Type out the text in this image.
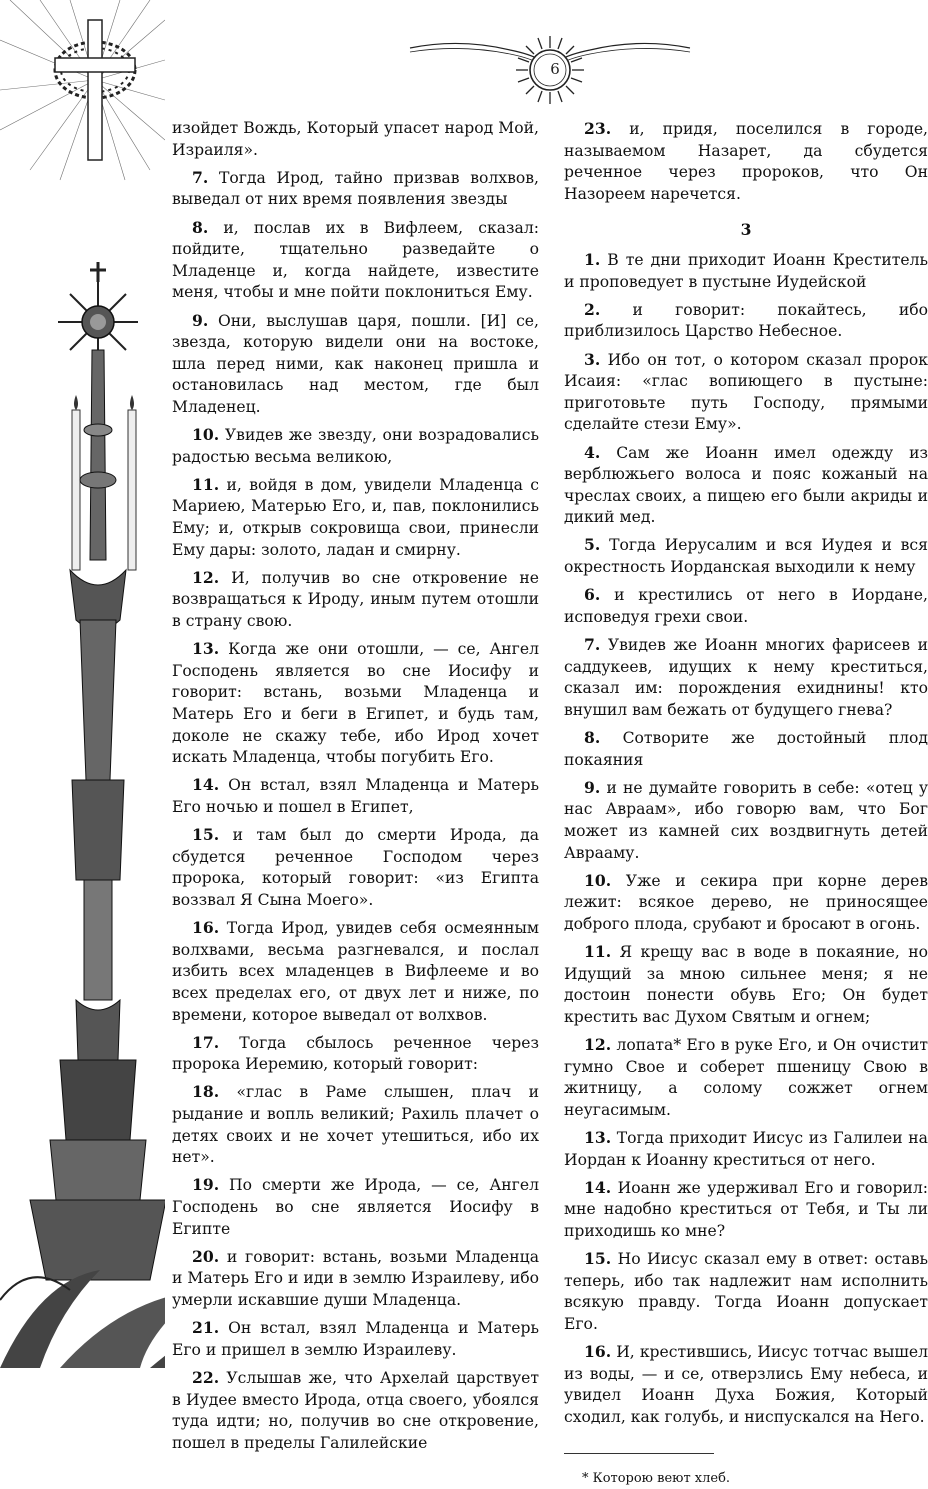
6

изойдет Вождь, Который упасет народ Мой, Израиля».

7. Тогда Ирод, тайно призвав волхвов, выведал от них время появления звезды

8. и, послав их в Вифлеем, сказал: пойдите, тщательно разведайте о Младенце и, когда найдете, известите меня, чтобы и мне пойти поклониться Ему.

9. Они, выслушав царя, пошли. [И] се, звезда, которую видели они на востоке, шла перед ними, как наконец пришла и остановилась над местом, где был Младенец.

10. Увидев же звезду, они возрадовались радостью весьма великою,

11. и, войдя в дом, увидели Младенца с Мариею, Матерью Его, и, пав, поклонились Ему; и, открыв сокровища свои, принесли Ему дары: золото, ладан и смирну.

12. И, получив во сне откровение не возвращаться к Ироду, иным путем отошли в страну свою.

13. Когда же они отошли, — се, Ангел Господень является во сне Иосифу и говорит: встань, возьми Младенца и Матерь Его и беги в Египет, и будь там, доколе не скажу тебе, ибо Ирод хочет искать Младенца, чтобы погубить Его.

14. Он встал, взял Младенца и Матерь Его ночью и пошел в Египет,

15. и там был до смерти Ирода, да сбудется реченное Господом через пророка, который говорит: «из Египта воззвал Я Сына Моего».

16. Тогда Ирод, увидев себя осмеянным волхвами, весьма разгневался, и послал избить всех младенцев в Вифлееме и во всех пределах его, от двух лет и ниже, по времени, которое выведал от волхвов.

17. Тогда сбылось реченное через пророка Иеремию, который говорит:

18. «глас в Раме слышен, плач и рыдание и вопль великий; Рахиль плачет о детях своих и не хочет утешиться, ибо их нет».

19. По смерти же Ирода, — се, Ангел Господень во сне является Иосифу в Египте

20. и говорит: встань, возьми Младенца и Матерь Его и иди в землю Израилеву, ибо умерли искавшие души Младенца.

21. Он встал, взял Младенца и Матерь Его и пришел в землю Израилеву.

22. Услышав же, что Архелай царствует в Иудее вместо Ирода, отца своего, убоялся туда идти; но, получив во сне откровение, пошел в пределы Галилейские

23. и, придя, поселился в городе, называемом Назарет, да сбудется реченное через пророков, что Он Назореем наречется.

3

1. В те дни приходит Иоанн Креститель и проповедует в пустыне Иудейской

2. и говорит: покайтесь, ибо приблизилось Царство Небесное.

3. Ибо он тот, о котором сказал пророк Исаия: «глас вопиющего в пустыне: приготовьте путь Господу, прямыми сделайте стези Ему».

4. Сам же Иоанн имел одежду из верблюжьего волоса и пояс кожаный на чреслах своих, а пищею его были акриды и дикий мед.

5. Тогда Иерусалим и вся Иудея и вся окрестность Иорданская выходили к нему

6. и крестились от него в Иордане, исповедуя грехи свои.

7. Увидев же Иоанн многих фарисеев и саддукеев, идущих к нему креститься, сказал им: порождения ехиднины! кто внушил вам бежать от будущего гнева?

8. Сотворите же достойный плод покаяния

9. и не думайте говорить в себе: «отец у нас Авраам», ибо говорю вам, что Бог может из камней сих воздвигнуть детей Аврааму.

10. Уже и секира при корне дерев лежит: всякое дерево, не приносящее доброго плода, срубают и бросают в огонь.

11. Я крещу вас в воде в покаяние, но Идущий за мною сильнее меня; я не достоин понести обувь Его; Он будет крестить вас Духом Святым и огнем;

12. лопата* Его в руке Его, и Он очистит гумно Свое и соберет пшеницу Свою в житницу, а солому сожжет огнем неугасимым.

13. Тогда приходит Иисус из Галилеи на Иордан к Иоанну креститься от него.

14. Иоанн же удерживал Его и говорил: мне надобно креститься от Тебя, и Ты ли приходишь ко мне?

15. Но Иисус сказал ему в ответ: оставь теперь, ибо так надлежит нам исполнить всякую правду. Тогда Иоанн допускает Его.

16. И, крестившись, Иисус тотчас вышел из воды, — и се, отверзлись Ему небеса, и увидел Иоанн Духа Божия, Который сходил, как голубь, и ниспускался на Него.

* Которою веют хлеб.
